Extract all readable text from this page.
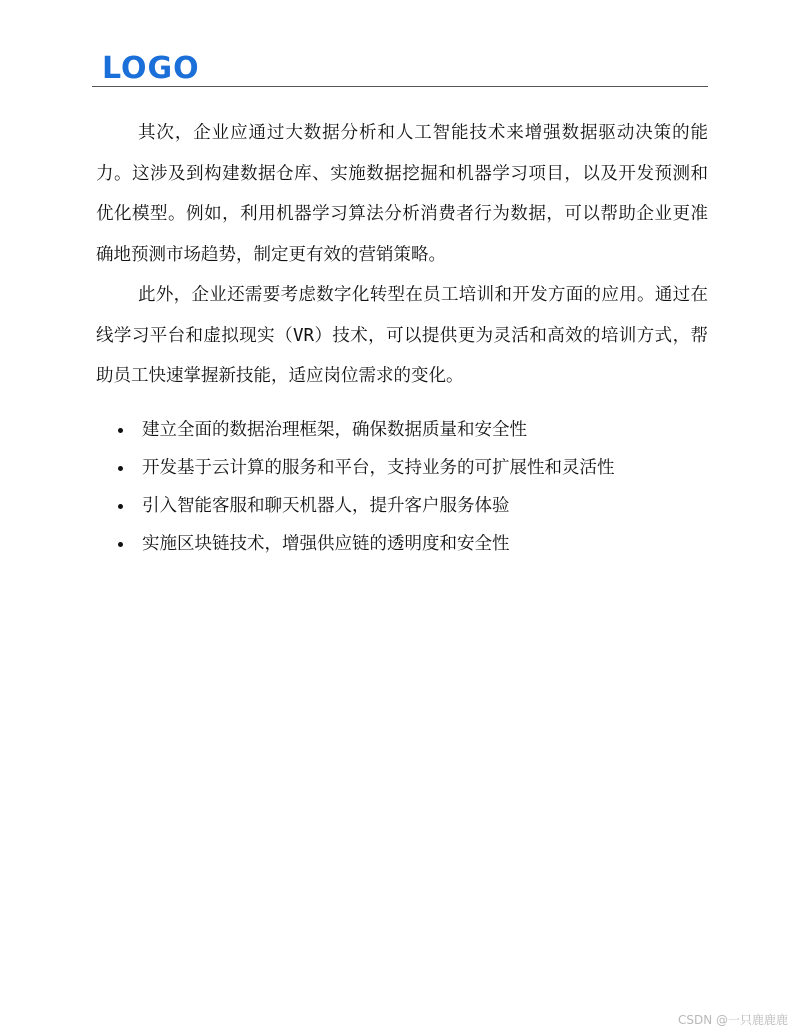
LOGO

其次，企业应通过大数据分析和人工智能技术来增强数据驱动决策的能力。这涉及到构建数据仓库、实施数据挖掘和机器学习项目，以及开发预测和优化模型。例如，利用机器学习算法分析消费者行为数据，可以帮助企业更准确地预测市场趋势，制定更有效的营销策略。

此外，企业还需要考虑数字化转型在员工培训和开发方面的应用。通过在线学习平台和虚拟现实（VR）技术，可以提供更为灵活和高效的培训方式，帮助员工快速掌握新技能，适应岗位需求的变化。

建立全面的数据治理框架，确保数据质量和安全性
开发基于云计算的服务和平台，支持业务的可扩展性和灵活性
引入智能客服和聊天机器人，提升客户服务体验
实施区块链技术，增强供应链的透明度和安全性
CSDN @一只鹿鹿鹿
